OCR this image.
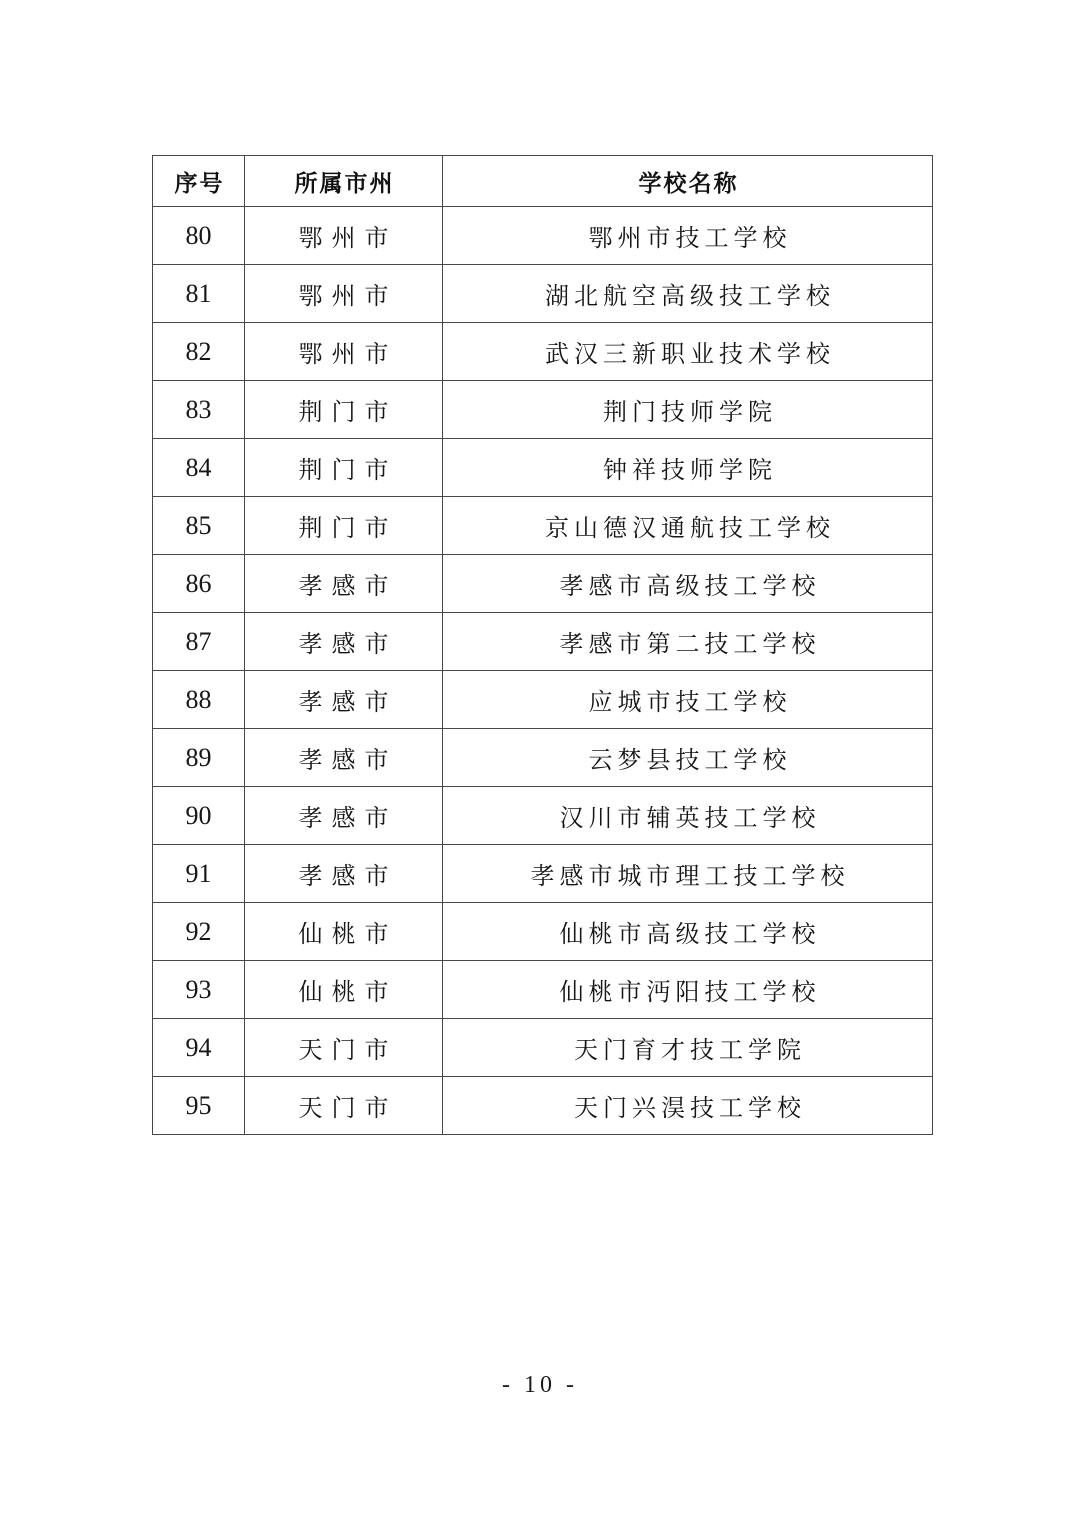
序号	所属市州	学校名称
80	鄂州市	鄂州市技工学校
81	鄂州市	湖北航空高级技工学校
82	鄂州市	武汉三新职业技术学校
83	荆门市	荆门技师学院
84	荆门市	钟祥技师学院
85	荆门市	京山德汉通航技工学校
86	孝感市	孝感市高级技工学校
87	孝感市	孝感市第二技工学校
88	孝感市	应城市技工学校
89	孝感市	云梦县技工学校
90	孝感市	汉川市辅英技工学校
91	孝感市	孝感市城市理工技工学校
92	仙桃市	仙桃市高级技工学校
93	仙桃市	仙桃市沔阳技工学校
94	天门市	天门育才技工学院
95	天门市	天门兴淏技工学校
- 10 -
